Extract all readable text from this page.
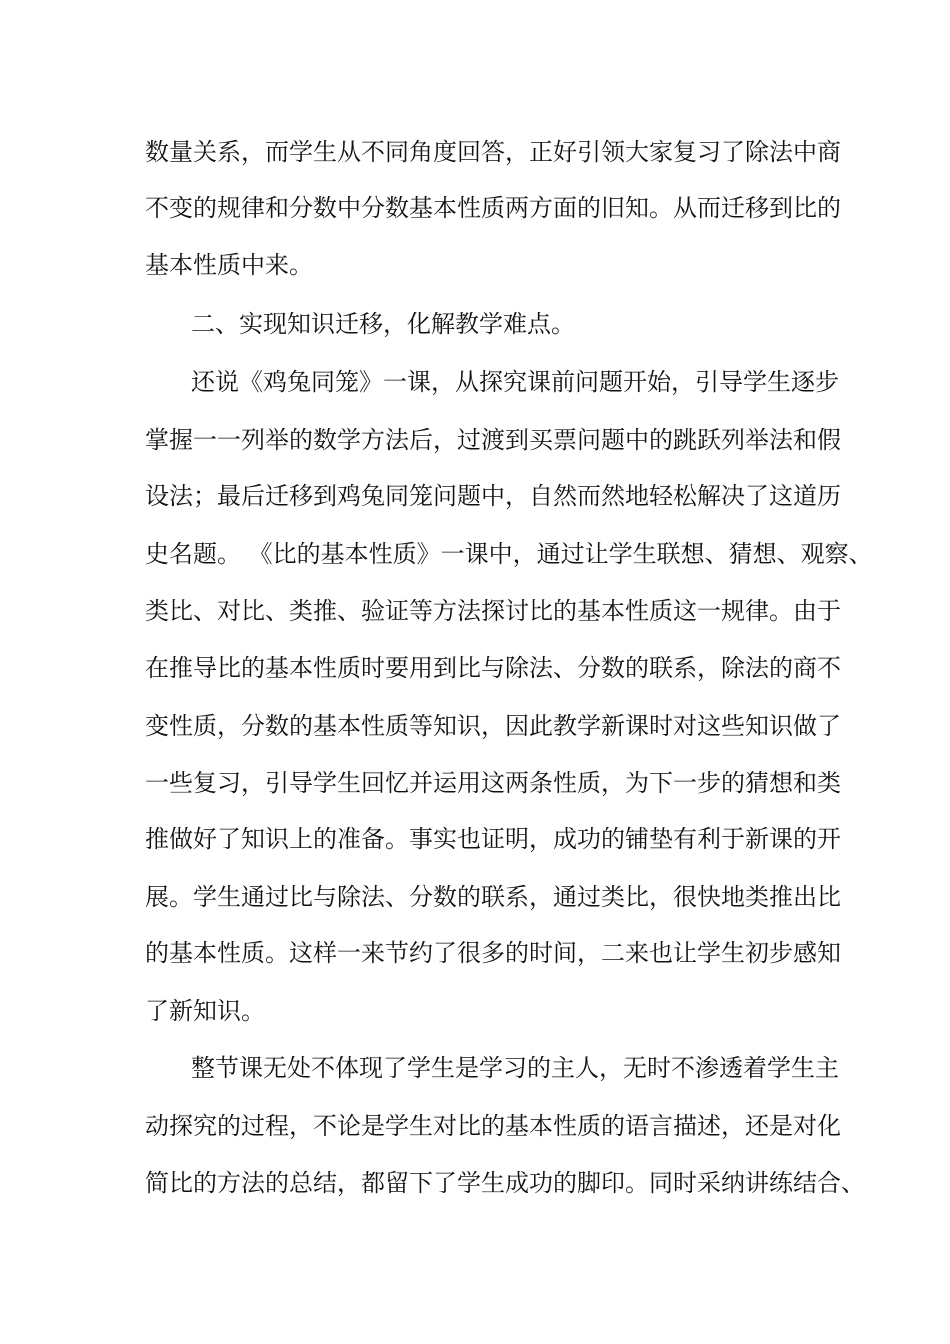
数量关系，而学生从不同角度回答，正好引领大家复习了除法中商
不变的规律和分数中分数基本性质两方面的旧知。从而迁移到比的
基本性质中来。
二、实现知识迁移，化解教学难点。
还说《鸡兔同笼》一课，从探究课前问题开始，引导学生逐步
掌握一一列举的数学方法后，过渡到买票问题中的跳跃列举法和假
设法；最后迁移到鸡兔同笼问题中，自然而然地轻松解决了这道历
史名题。 《比的基本性质》一课中，通过让学生联想、猜想、观察、
类比、对比、类推、验证等方法探讨比的基本性质这一规律。由于
在推导比的基本性质时要用到比与除法、分数的联系，除法的商不
变性质，分数的基本性质等知识，因此教学新课时对这些知识做了
一些复习，引导学生回忆并运用这两条性质，为下一步的猜想和类
推做好了知识上的准备。事实也证明，成功的铺垫有利于新课的开
展。学生通过比与除法、分数的联系，通过类比，很快地类推出比
的基本性质。这样一来节约了很多的时间，二来也让学生初步感知
了新知识。
整节课无处不体现了学生是学习的主人，无时不渗透着学生主
动探究的过程，不论是学生对比的基本性质的语言描述，还是对化
简比的方法的总结，都留下了学生成功的脚印。同时采纳讲练结合、
